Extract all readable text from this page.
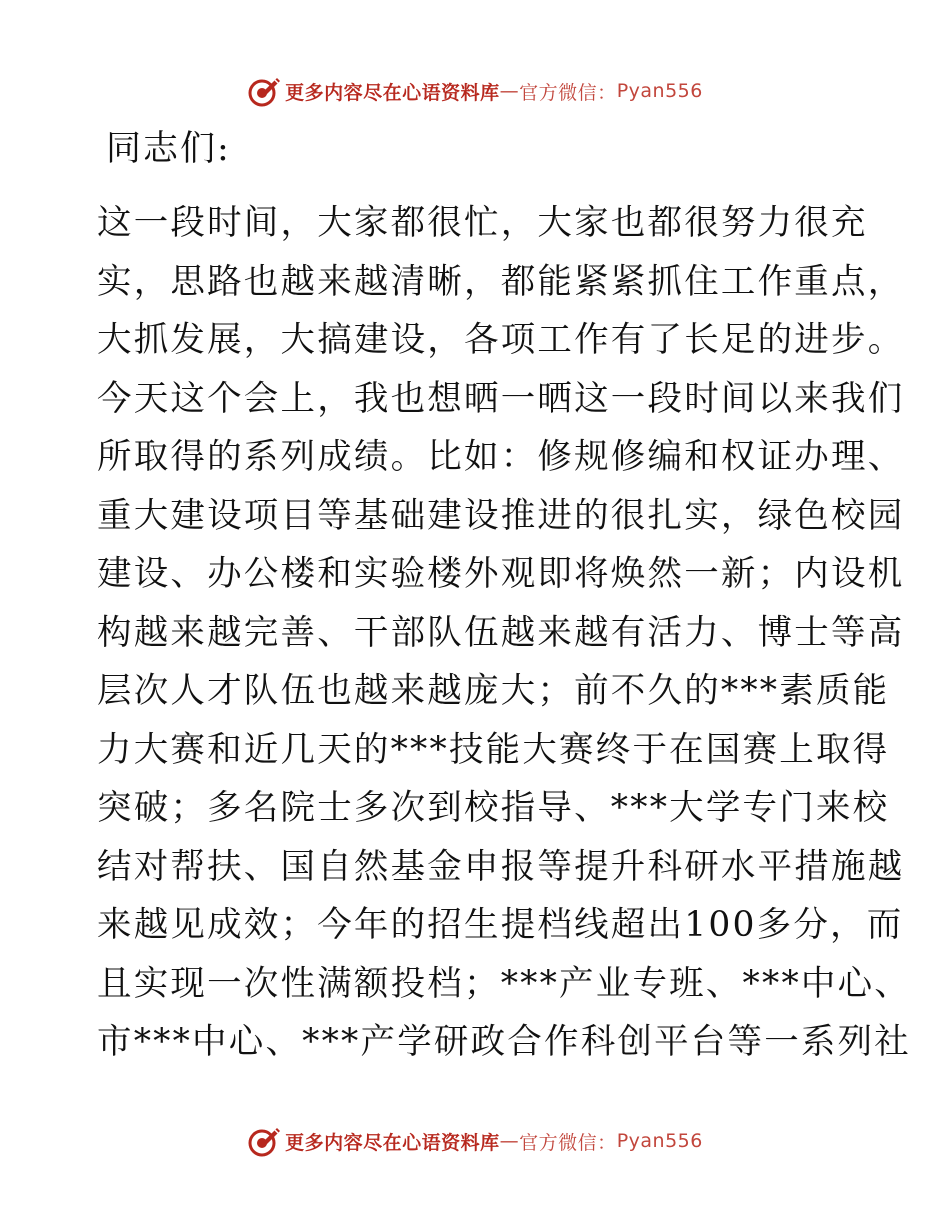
更多内容尽在心语资料库 — 官方微信 ： Pyan556
同志们:
这一段时间，大家都很忙，大家也都很努力很充
实，思路也越来越清晰，都能紧紧抓住工作重点，
大抓发展，大搞建设，各项工作有了长足的进步。
今天这个会上，我也想晒一晒这一段时间以来我们
所取得的系列成绩。比如：修规修编和权证办理、
重大建设项目等基础建设推进的很扎实，绿色校园
建设、办公楼和实验楼外观即将焕然一新；内设机
构越来越完善、干部队伍越来越有活力、博士等高
层次人才队伍也越来越庞大；前不久的***素质能
力大赛和近几天的***技能大赛终于在国赛上取得
突破；多名院士多次到校指导、***大学专门来校
结对帮扶、国自然基金申报等提升科研水平措施越
来越见成效；今年的招生提档线超出100多分，而
且实现一次性满额投档；***产业专班、***中心、
市***中心、***产学研政合作科创平台等一系列社
更多内容尽在心语资料库 — 官方微信 ： Pyan556
